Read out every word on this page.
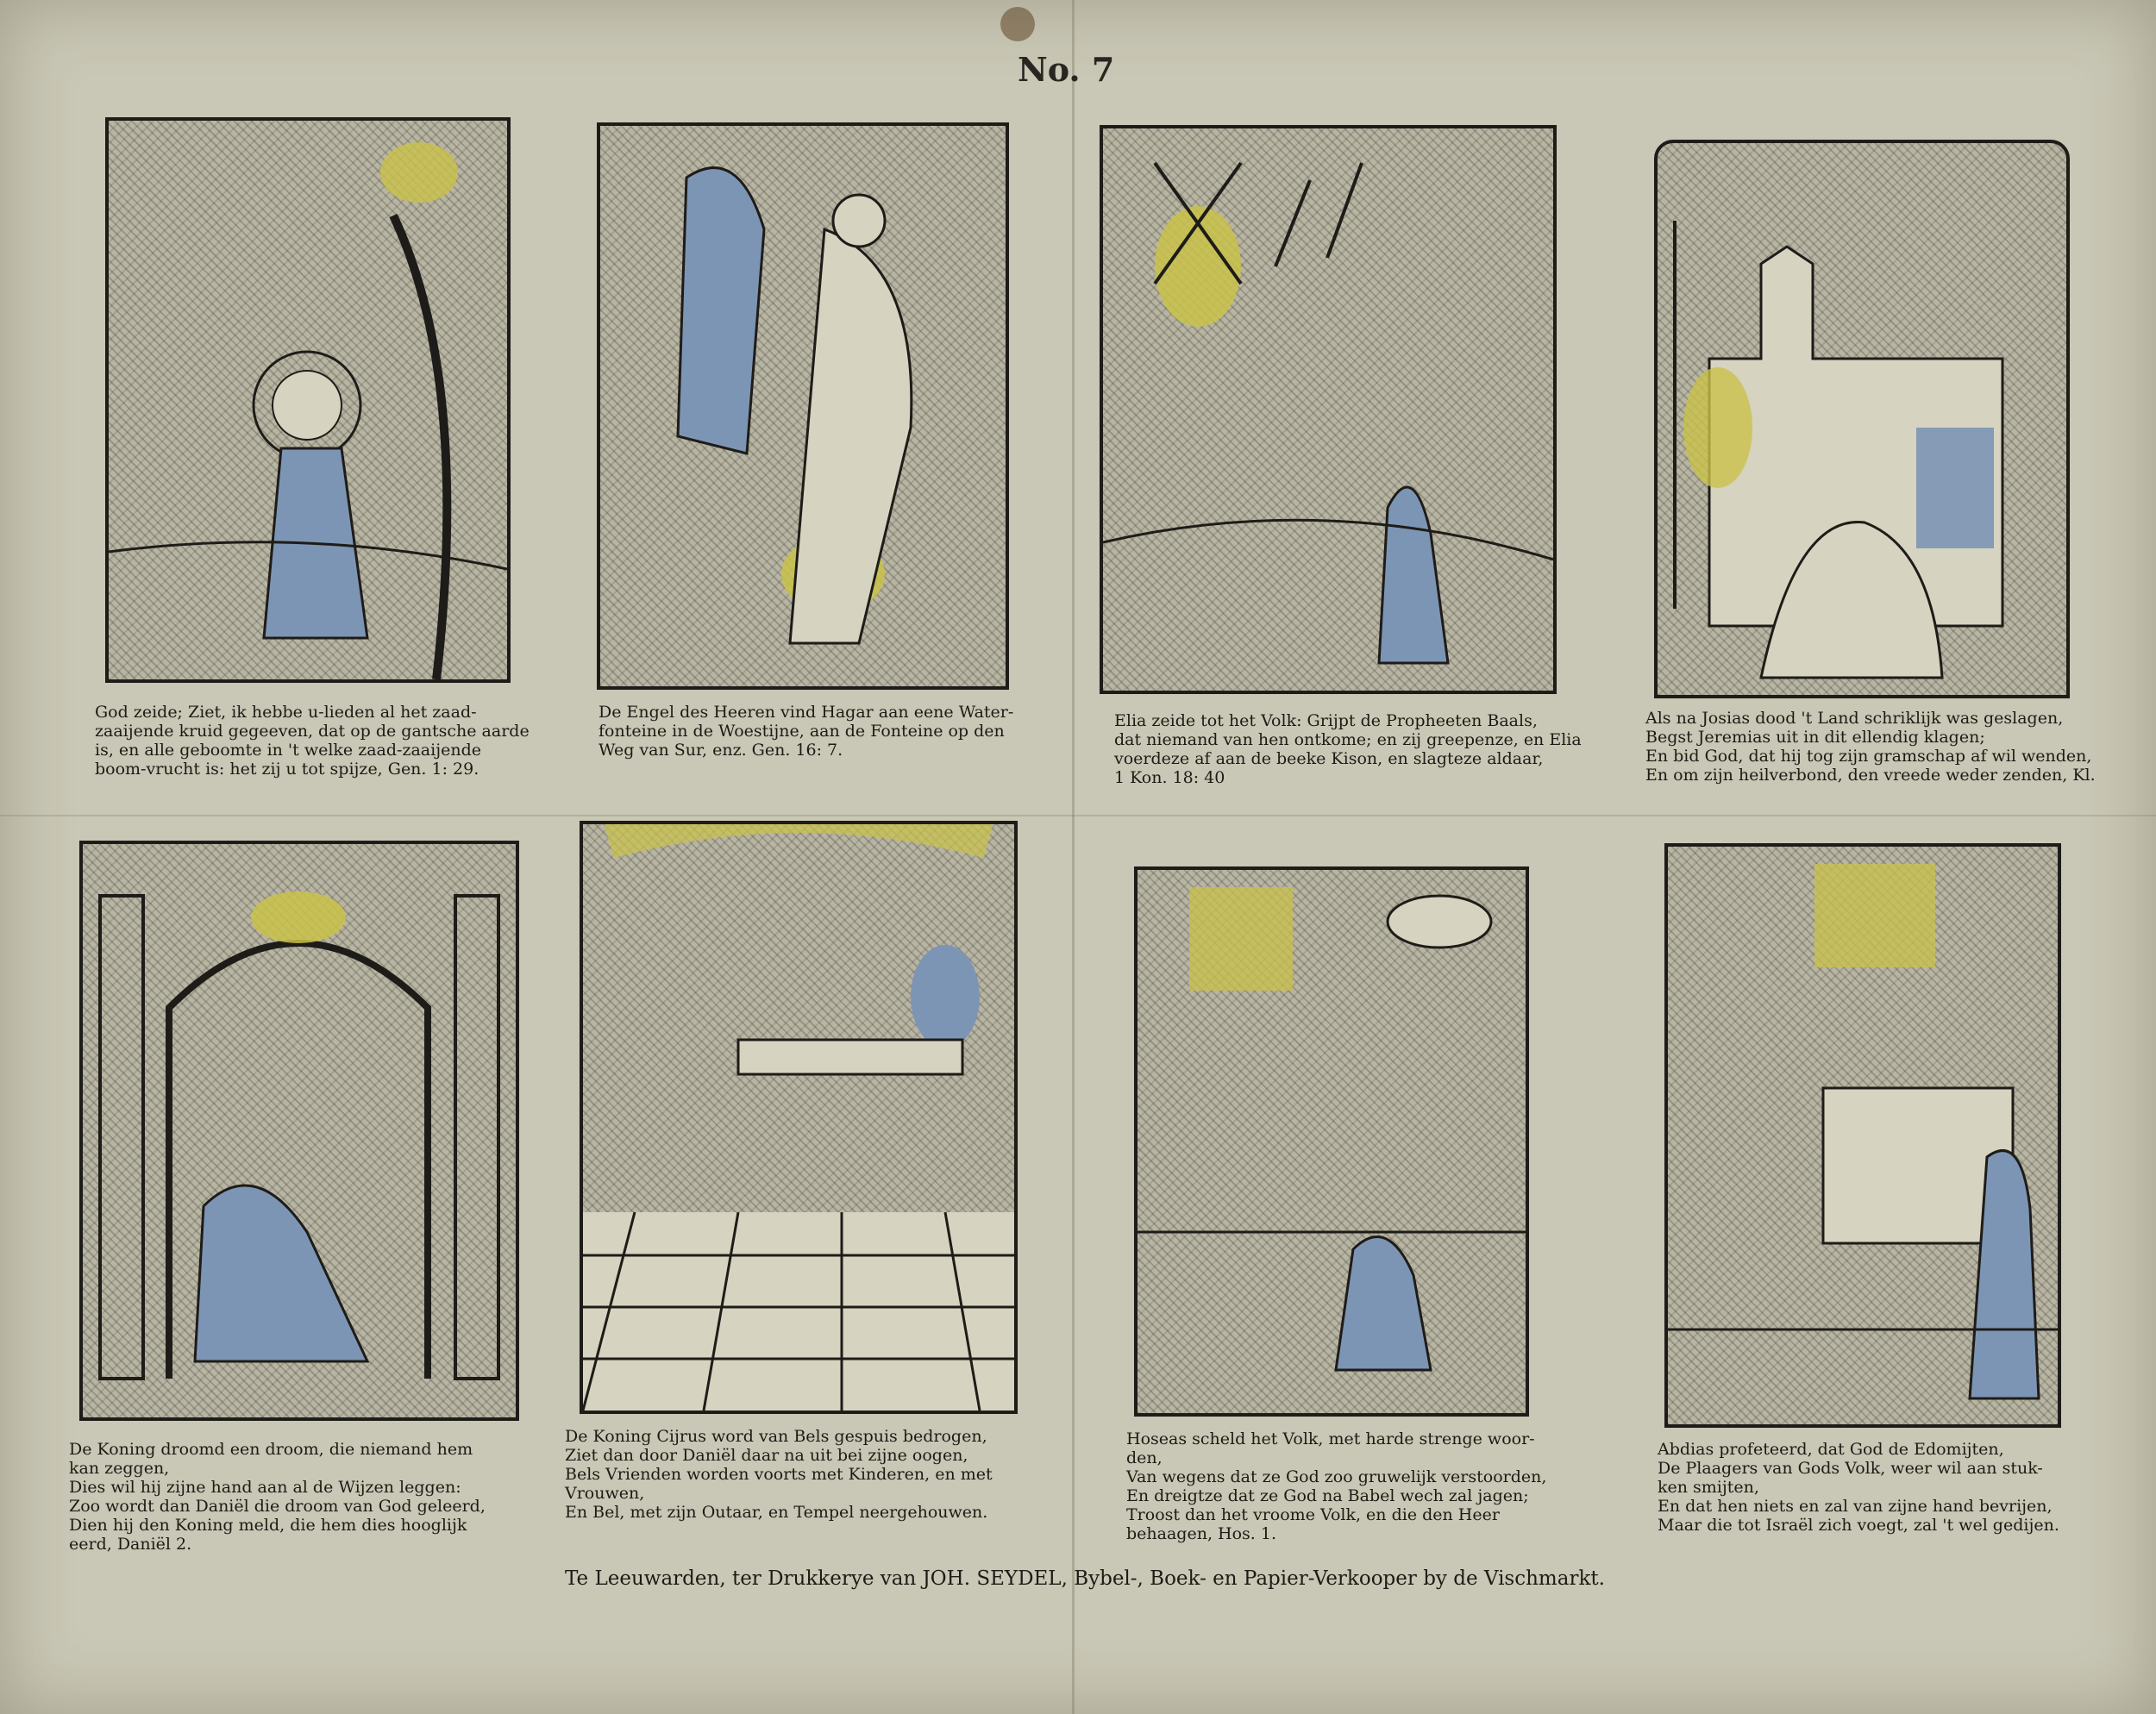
No. 7
God zeide; Ziet, ik hebbe u-lieden al het zaad-
zaaijende kruid gegeeven, dat op de gantsche aarde
is, en alle geboomte in 't welke zaad-zaaijende
boom-vrucht is: het zij u tot spijze, Gen. 1: 29.
De Engel des Heeren vind Hagar aan eene Water-
fonteine in de Woestijne, aan de Fonteine op den
Weg van Sur, enz. Gen. 16: 7.
Elia zeide tot het Volk: Grijpt de Propheeten Baals,
dat niemand van hen ontkome; en zij greepenze, en Elia
voerdeze af aan de beeke Kison, en slagteze aldaar,
1 Kon. 18: 40
Als na Josias dood 't Land schriklijk was geslagen,
Begst Jeremias uit in dit ellendig klagen;
En bid God, dat hij tog zijn gramschap af wil wenden,
En om zijn heilverbond, den vreede weder zenden, Kl.
De Koning droomd een droom, die niemand hem
kan zeggen,
Dies wil hij zijne hand aan al de Wijzen leggen:
Zoo wordt dan Daniël die droom van God geleerd,
Dien hij den Koning meld, die hem dies hooglijk
eerd, Daniël 2.
De Koning Cijrus word van Bels gespuis bedrogen,
Ziet dan door Daniël daar na uit bei zijne oogen,
Bels Vrienden worden voorts met Kinderen, en met
Vrouwen,
En Bel, met zijn Outaar, en Tempel neergehouwen.
Hoseas scheld het Volk, met harde strenge woor-
den,
Van wegens dat ze God zoo gruwelijk verstoorden,
En dreigtze dat ze God na Babel wech zal jagen;
Troost dan het vroome Volk, en die den Heer
behaagen, Hos. 1.
Abdias profeteerd, dat God de Edomijten,
De Plaagers van Gods Volk, weer wil aan stuk-
ken smijten,
En dat hen niets en zal van zijne hand bevrijen,
Maar die tot Israël zich voegt, zal 't wel gedijen.
Te Leeuwarden, ter Drukkerye van JOH. SEYDEL, Bybel-, Boek- en Papier-Verkooper by de Vischmarkt.
